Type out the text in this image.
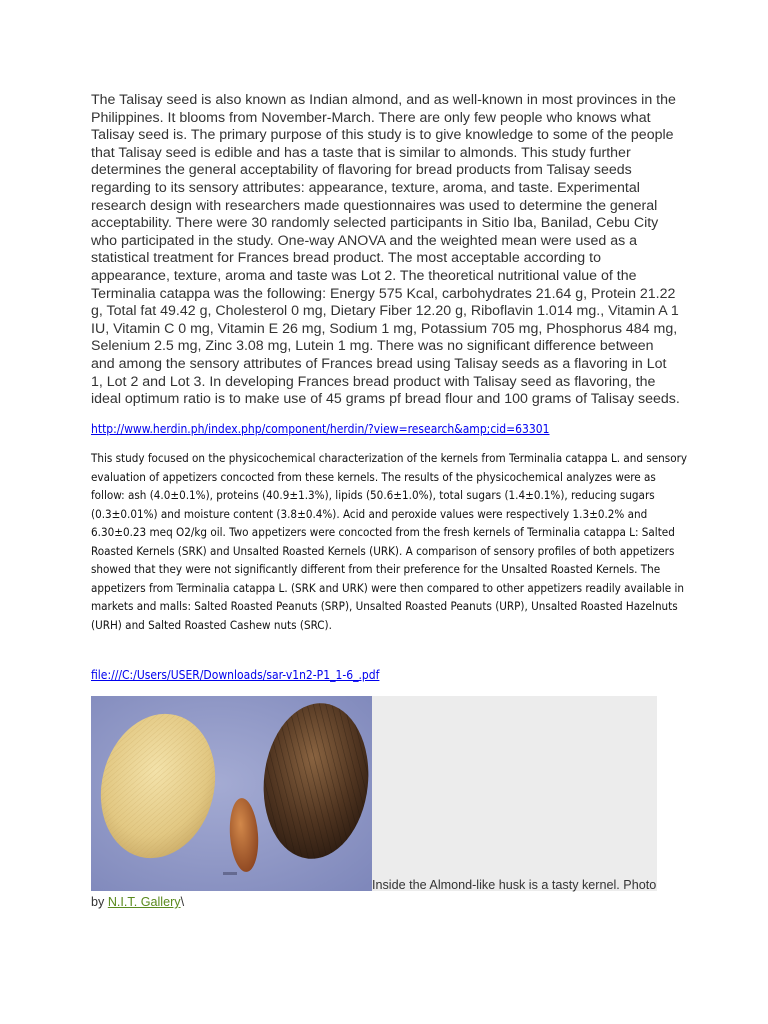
The Talisay seed is also known as Indian almond, and as well-known in most provinces in the Philippines. It blooms from November-March. There are only few people who knows what Talisay seed is. The primary purpose of this study is to give knowledge to some of the people that Talisay seed is edible and has a taste that is similar to almonds. This study further determines the general acceptability of flavoring for bread products from Talisay seeds regarding to its sensory attributes: appearance, texture, aroma, and taste. Experimental research design with researchers made questionnaires was used to determine the general acceptability. There were 30 randomly selected participants in Sitio Iba, Banilad, Cebu City who participated in the study. One-way ANOVA and the weighted mean were used as a statistical treatment for Frances bread product. The most acceptable according to appearance, texture, aroma and taste was Lot 2. The theoretical nutritional value of the Terminalia catappa was the following: Energy 575 Kcal, carbohydrates 21.64 g, Protein 21.22 g, Total fat 49.42 g, Cholesterol 0 mg, Dietary Fiber 12.20 g, Riboflavin 1.014 mg., Vitamin A 1 IU, Vitamin C 0 mg, Vitamin E 26 mg, Sodium 1 mg, Potassium 705 mg, Phosphorus 484 mg, Selenium 2.5 mg, Zinc 3.08 mg, Lutein 1 mg. There was no significant difference between and among the sensory attributes of Frances bread using Talisay seeds as a flavoring in Lot 1, Lot 2 and Lot 3. In developing Frances bread product with Talisay seed as flavoring, the ideal optimum ratio is to make use of 45 grams pf bread flour and 100 grams of Talisay seeds.

http://www.herdin.ph/index.php/component/herdin/?view=research&amp;cid=63301

This study focused on the physicochemical characterization of the kernels from Terminalia catappa L. and sensory evaluation of appetizers concocted from these kernels. The results of the physicochemical analyzes were as follow: ash (4.0±0.1%), proteins (40.9±1.3%), lipids (50.6±1.0%), total sugars (1.4±0.1%), reducing sugars (0.3±0.01%) and moisture content (3.8±0.4%). Acid and peroxide values were respectively 1.3±0.2% and 6.30±0.23 meq O2/kg oil. Two appetizers were concocted from the fresh kernels of Terminalia catappa L: Salted Roasted Kernels (SRK) and Unsalted Roasted Kernels (URK). A comparison of sensory profiles of both appetizers showed that they were not significantly different from their preference for the Unsalted Roasted Kernels. The appetizers from Terminalia catappa L. (SRK and URK) were then compared to other appetizers readily available in markets and malls: Salted Roasted Peanuts (SRP), Unsalted Roasted Peanuts (URP), Unsalted Roasted Hazelnuts (URH) and Salted Roasted Cashew nuts (SRC).

file:///C:/Users/USER/Downloads/sar-v1n2-P1_1-6_.pdf

Inside the Almond-like husk is a tasty kernel. Photo

by N.I.T. Gallery\
